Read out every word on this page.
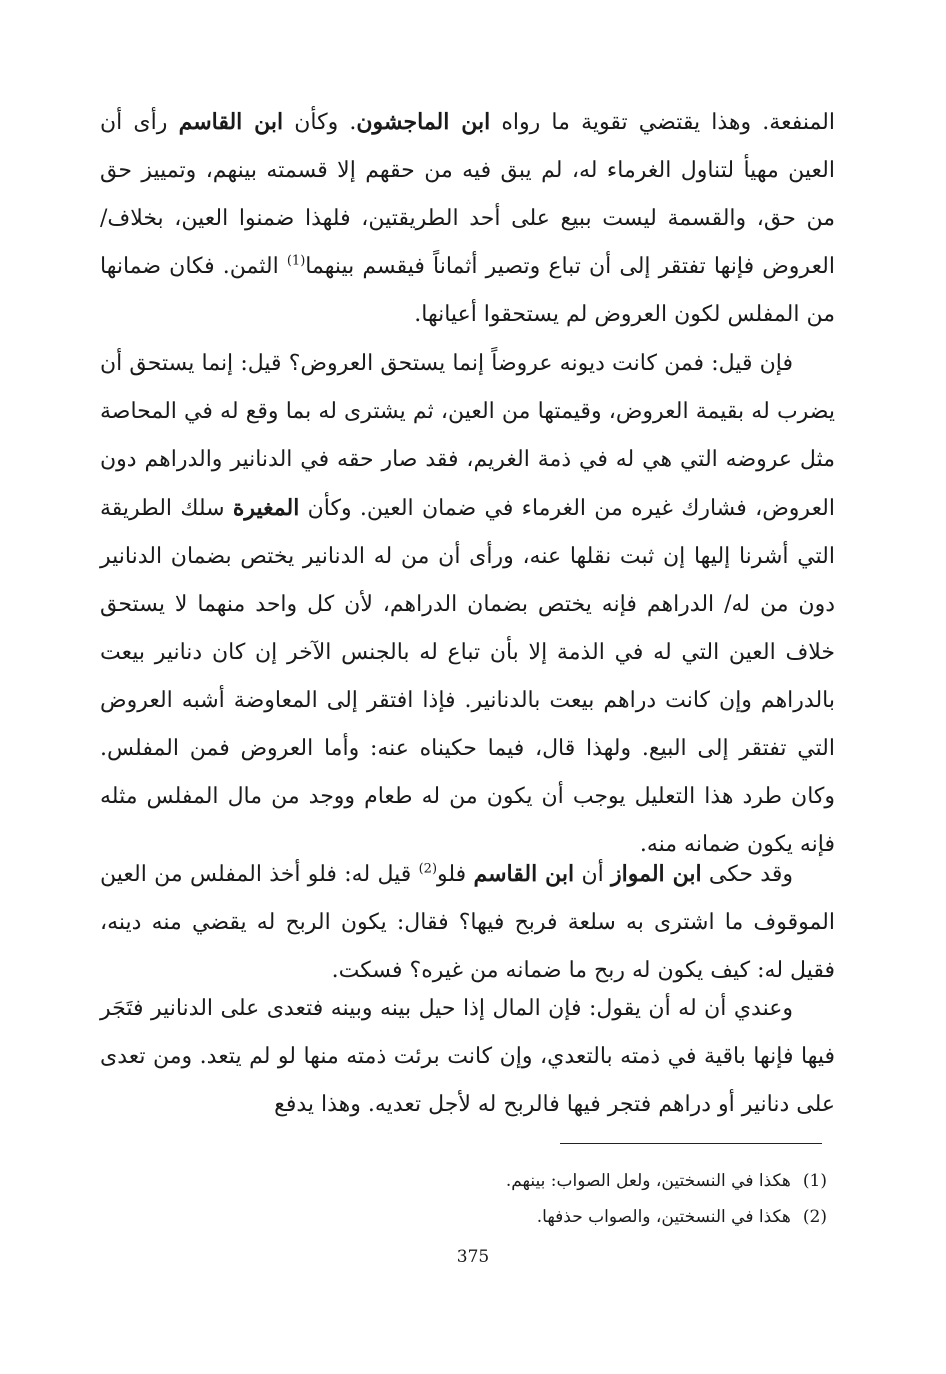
المنفعة. وهذا يقتضي تقوية ما رواه ابن الماجشون. وكأن ابن القاسم رأى أن العين مهيأ لتناول الغرماء له، لم يبق فيه من حقهم إلا قسمته بينهم، وتمييز حق من حق، والقسمة ليست ببيع على أحد الطريقتين، فلهذا ضمنوا العين، بخلاف/ العروض فإنها تفتقر إلى أن تباع وتصير أثماناً فيقسم بينهما$^{(1)}$ الثمن. فكان ضمانها من المفلس لكون العروض لم يستحقوا أعيانها.

فإن قيل: فمن كانت ديونه عروضاً إنما يستحق العروض؟ قيل: إنما يستحق أن يضرب له بقيمة العروض، وقيمتها من العين، ثم يشترى له بما وقع له في المحاصة مثل عروضه التي هي له في ذمة الغريم، فقد صار حقه في الدنانير والدراهم دون العروض، فشارك غيره من الغرماء في ضمان العين. وكأن المغيرة سلك الطريقة التي أشرنا إليها إن ثبت نقلها عنه، ورأى أن من له الدنانير يختص بضمان الدنانير دون من له/ الدراهم فإنه يختص بضمان الدراهم، لأن كل واحد منهما لا يستحق خلاف العين التي له في الذمة إلا بأن تباع له بالجنس الآخر إن كان دنانير بيعت بالدراهم وإن كانت دراهم بيعت بالدنانير. فإذا افتقر إلى المعاوضة أشبه العروض التي تفتقر إلى البيع. ولهذا قال، فيما حكيناه عنه: وأما العروض فمن المفلس. وكان طرد هذا التعليل يوجب أن يكون من له طعام ووجد من مال المفلس مثله فإنه يكون ضمانه منه.

وقد حكى ابن المواز أن ابن القاسم فلو$^{(2)}$ قيل له: فلو أخذ المفلس من العين الموقوف ما اشترى به سلعة فربح فيها؟ فقال: يكون الربح له يقضي منه دينه، فقيل له: كيف يكون له ربح ما ضمانه من غيره؟ فسكت.

وعندي أن له أن يقول: فإن المال إذا حيل بينه وبينه فتعدى على الدنانير فتَجَر فيها فإنها باقية في ذمته بالتعدي، وإن كانت برئت ذمته منها لو لم يتعد. ومن تعدى على دنانير أو دراهم فتجر فيها فالربح له لأجل تعديه. وهذا يدفع

(1)هكذا في النسختين، ولعل الصواب: بينهم.

(2)هكذا في النسختين، والصواب حذفها.

375
